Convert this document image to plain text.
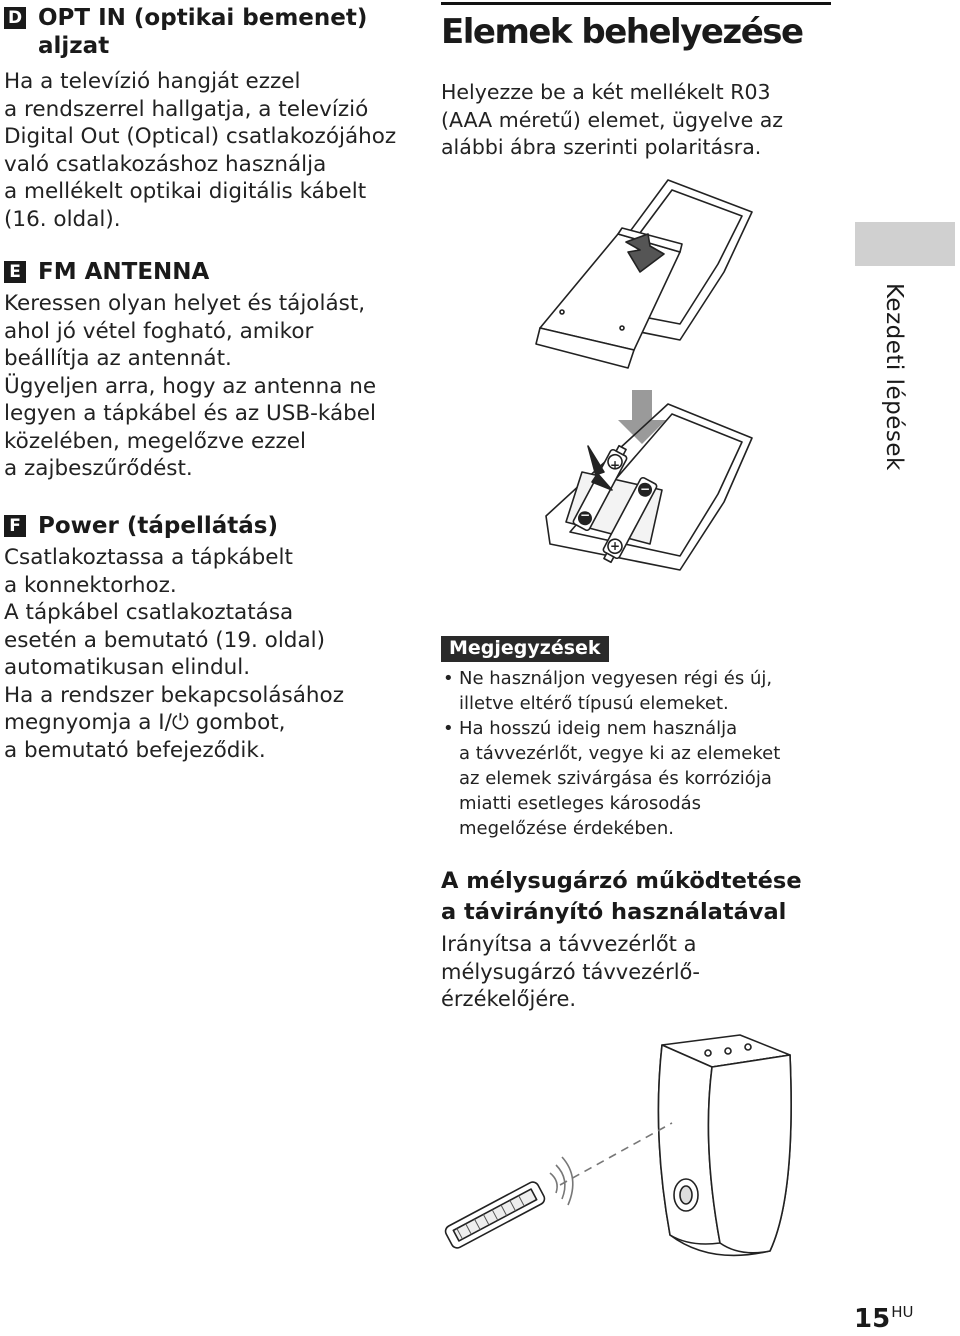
D OPT IN (optikai bemenet)
aljzat
Ha a televízió hangját ezzel
a rendszerrel hallgatja, a televízió
Digital Out (Optical) csatlakozójához
való csatlakozáshoz használja
a mellékelt optikai digitális kábelt
(16. oldal).
E FM ANTENNA
Keressen olyan helyet és tájolást,
ahol jó vétel fogható, amikor
beállítja az antennát.
Ügyeljen arra, hogy az antenna ne
legyen a tápkábel és az USB-kábel
közelében, megelőzve ezzel
a zajbeszűrődést.
F Power (tápellátás)
Csatlakoztassa a tápkábelt
a konnektorhoz.
A tápkábel csatlakoztatása
esetén a bemutató (19. oldal)
automatikusan elindul.
Ha a rendszer bekapcsolásához
megnyomja a I/⏻ gombot,
a bemutató befejeződik.
Elemek behelyezése
Helyezze be a két mellékelt R03
(AAA méretű) elemet, ügyelve az
alábbi ábra szerinti polaritásra.
Kezdeti lépések
+
−
+
−
Megjegyzések
• Ne használjon vegyesen régi és új,
illetve eltérő típusú elemeket.
• Ha hosszú ideig nem használja
a távvezérlőt, vegye ki az elemeket
az elemek szivárgása és korróziója
miatti esetleges károsodás
megelőzése érdekében.
A mélysugárzó működtetése
a távirányító használatával
Irányítsa a távvezérlőt a
mélysugárzó távvezérlő-
érzékelőjére.
$15^{HU}$
